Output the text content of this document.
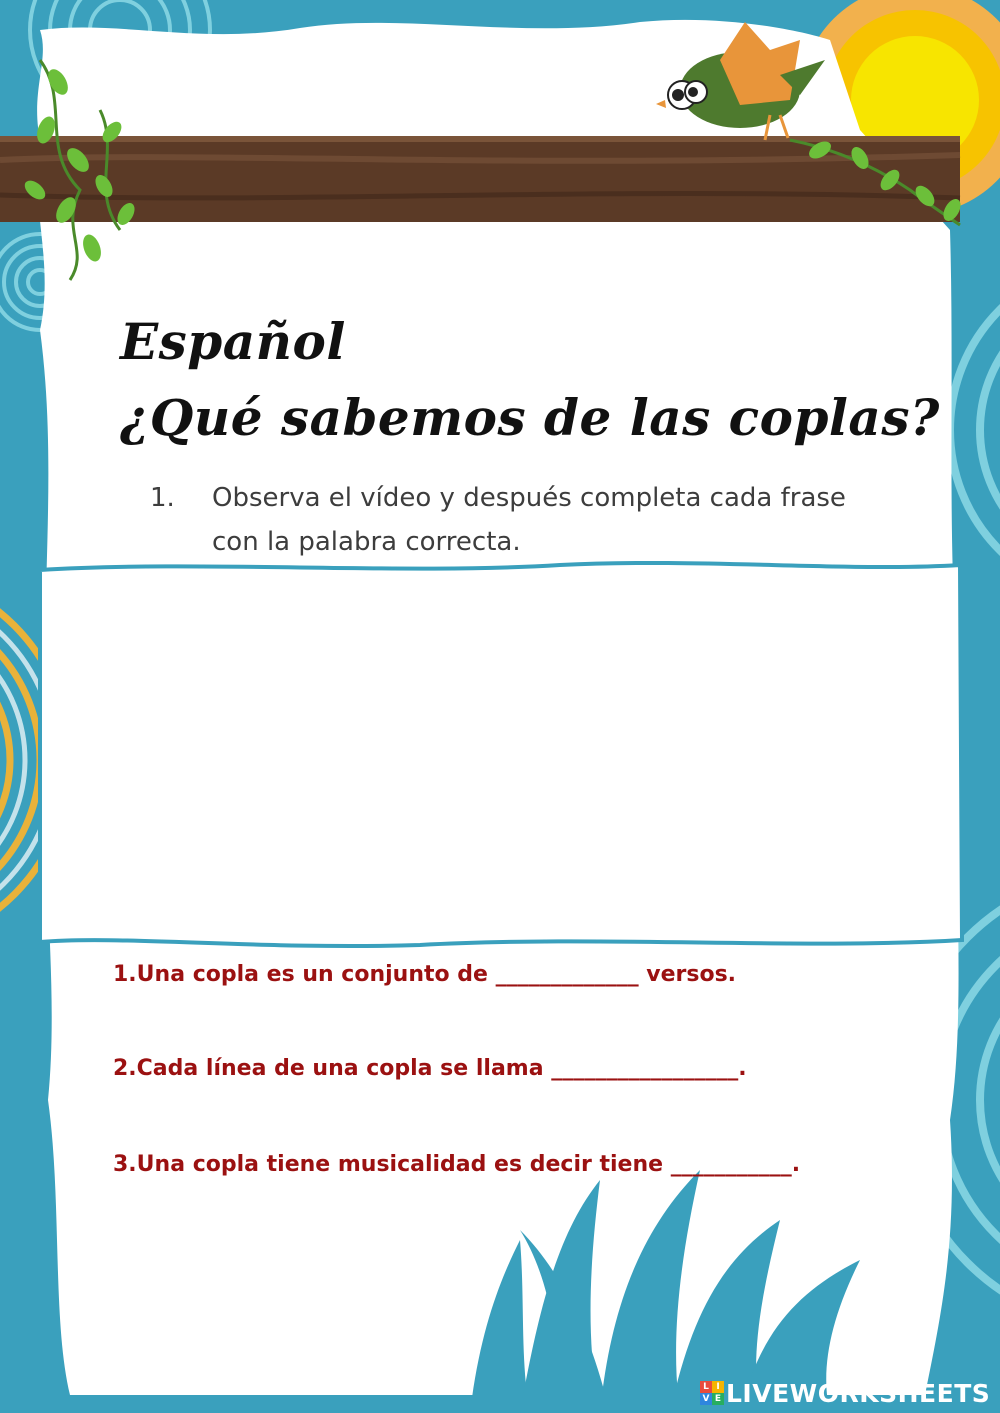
Español
¿Qué sabemos de las coplas?
1. Observa el vídeo y después completa cada frase con la palabra correcta.
1.Una copla es un conjunto de _____________ versos.
2.Cada línea de una copla se llama _________________.
3.Una copla tiene musicalidad es decir tiene ___________.
L I
V E LIVEWORKSHEETS
